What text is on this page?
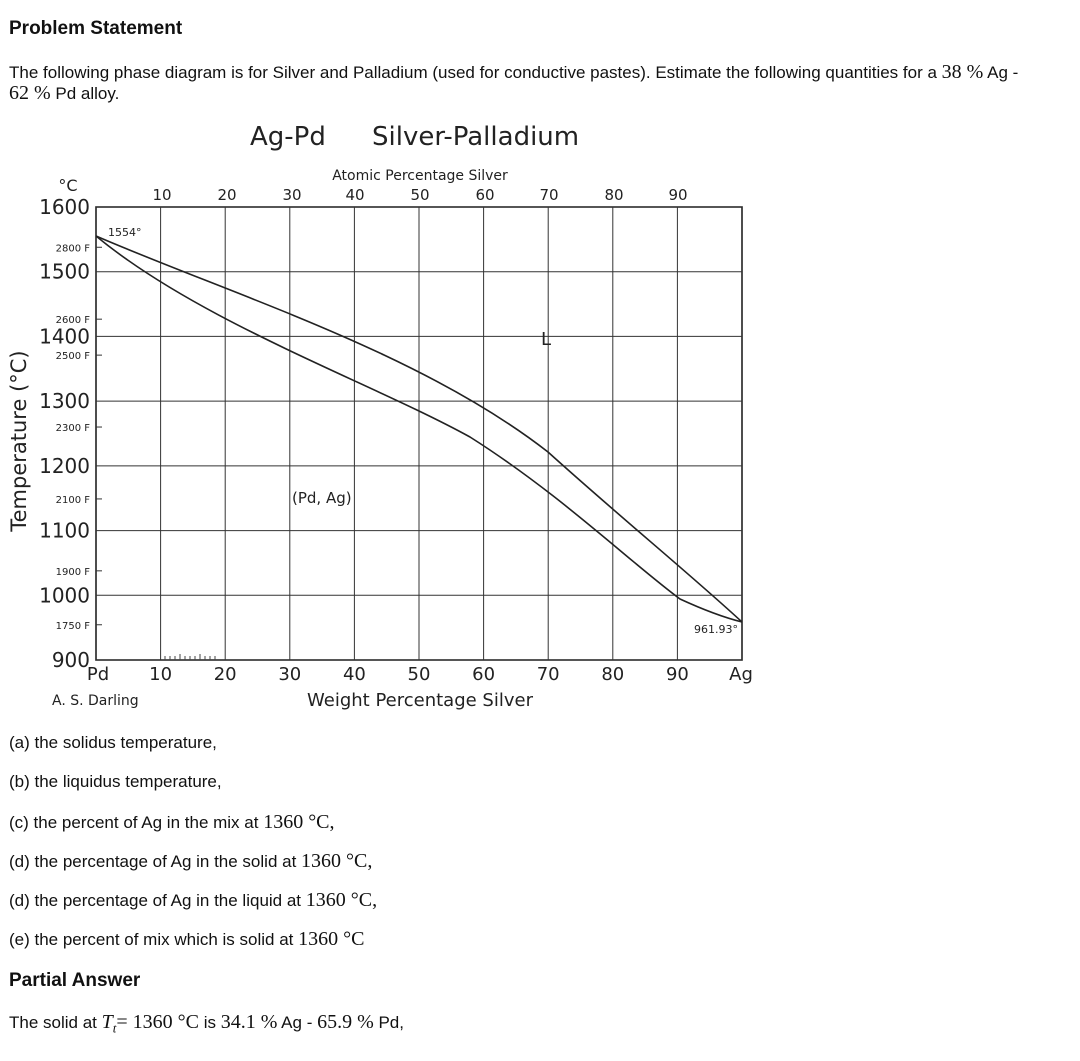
Problem Statement
The following phase diagram is for Silver and Palladium (used for conductive pastes). Estimate the following quantities for a 38 % Ag -
62 % Pd alloy.
Ag-Pd Silver-Palladium
Atomic Percentage Silver
Weight Percentage Silver
Temperature (°C)
°C	10	20	30	40	50	60	70	80	90
10 20 30 40 50 60 70 80 90
1600
1500
1400
1300
1200
1100
1000
900
2800 F
2600 F
2500 F
2300 F
2100 F
1900 F
1750 F
1554°
961.93°
L
(Pd, Ag)
Pd	Ag
A. S. Darling
(a) the solidus temperature,
(b) the liquidus temperature,
(c) the percent of Ag in the mix at 1360 °C,
(d) the percentage of Ag in the solid at 1360 °C,
(d) the percentage of Ag in the liquid at 1360 °C,
(e) the percent of mix which is solid at 1360 °C
Partial Answer
The solid at $T_t= 1360$ °C is 34.1 % Ag - 65.9 % Pd,
